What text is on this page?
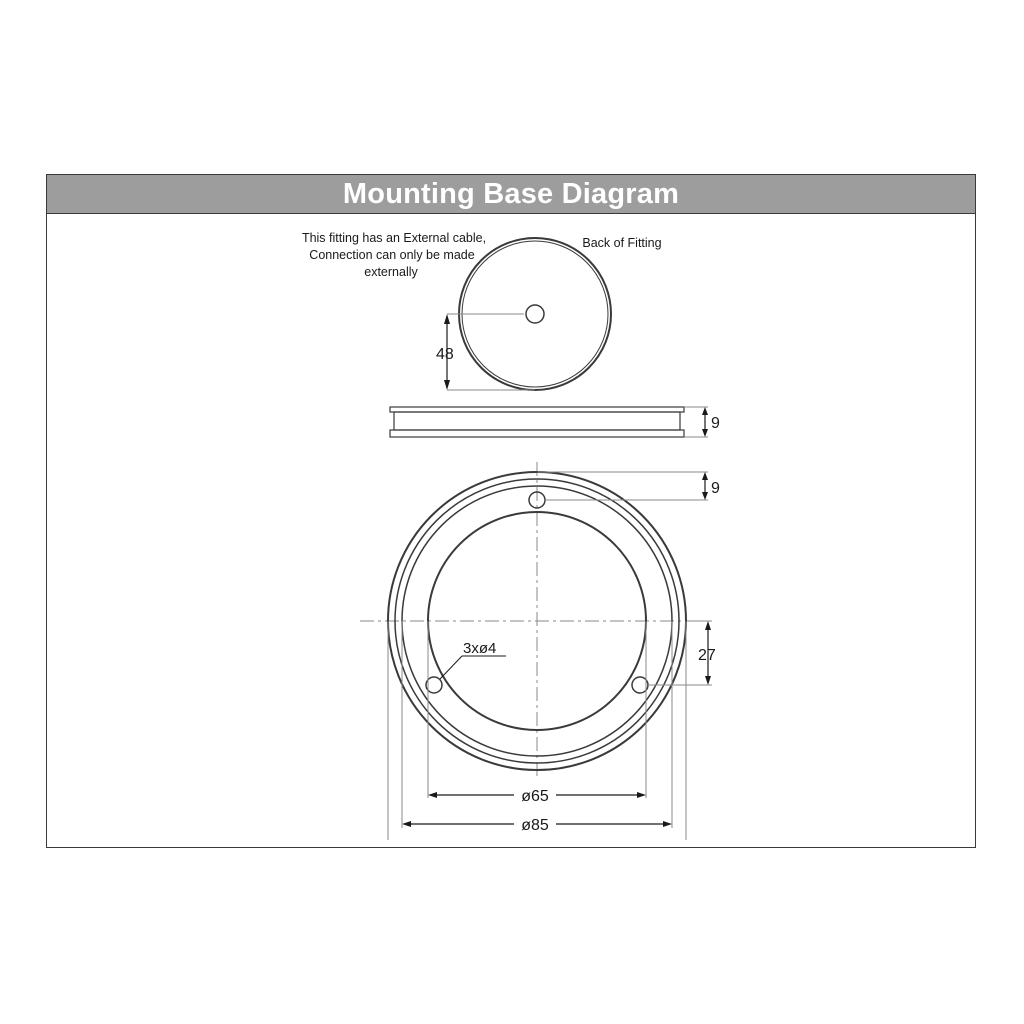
Mounting Base Diagram
48
This fitting has an External cable,
Connection can only be made
externally
Back of Fitting
9
3xø4
9
27
ø65
ø85
